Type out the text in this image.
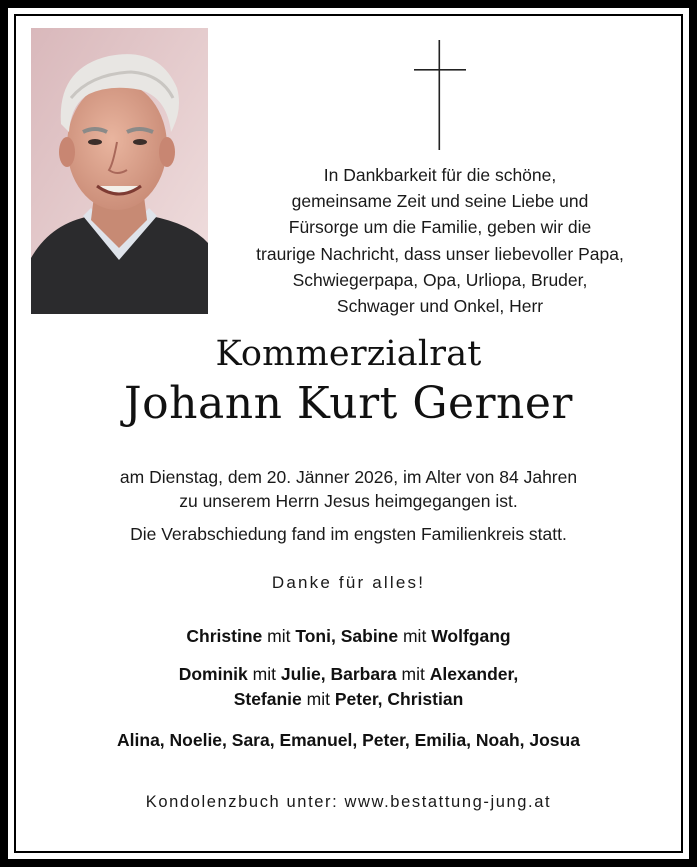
In Dankbarkeit für die schöne,
gemeinsame Zeit und seine Liebe und
Fürsorge um die Familie, geben wir die
traurige Nachricht, dass unser liebevoller Papa,
Schwiegerpapa, Opa, Urliopa, Bruder,
Schwager und Onkel, Herr
Kommerzialrat
Johann Kurt Gerner
am Dienstag, dem 20. Jänner 2026, im Alter von 84 Jahren
zu unserem Herrn Jesus heimgegangen ist.
Die Verabschiedung fand im engsten Familienkreis statt.
Danke für alles!
Christine mit Toni, Sabine mit Wolfgang
Dominik mit Julie, Barbara mit Alexander,
Stefanie mit Peter, Christian
Alina, Noelie, Sara, Emanuel, Peter, Emilia, Noah, Josua
Kondolenzbuch unter: www.bestattung-jung.at
